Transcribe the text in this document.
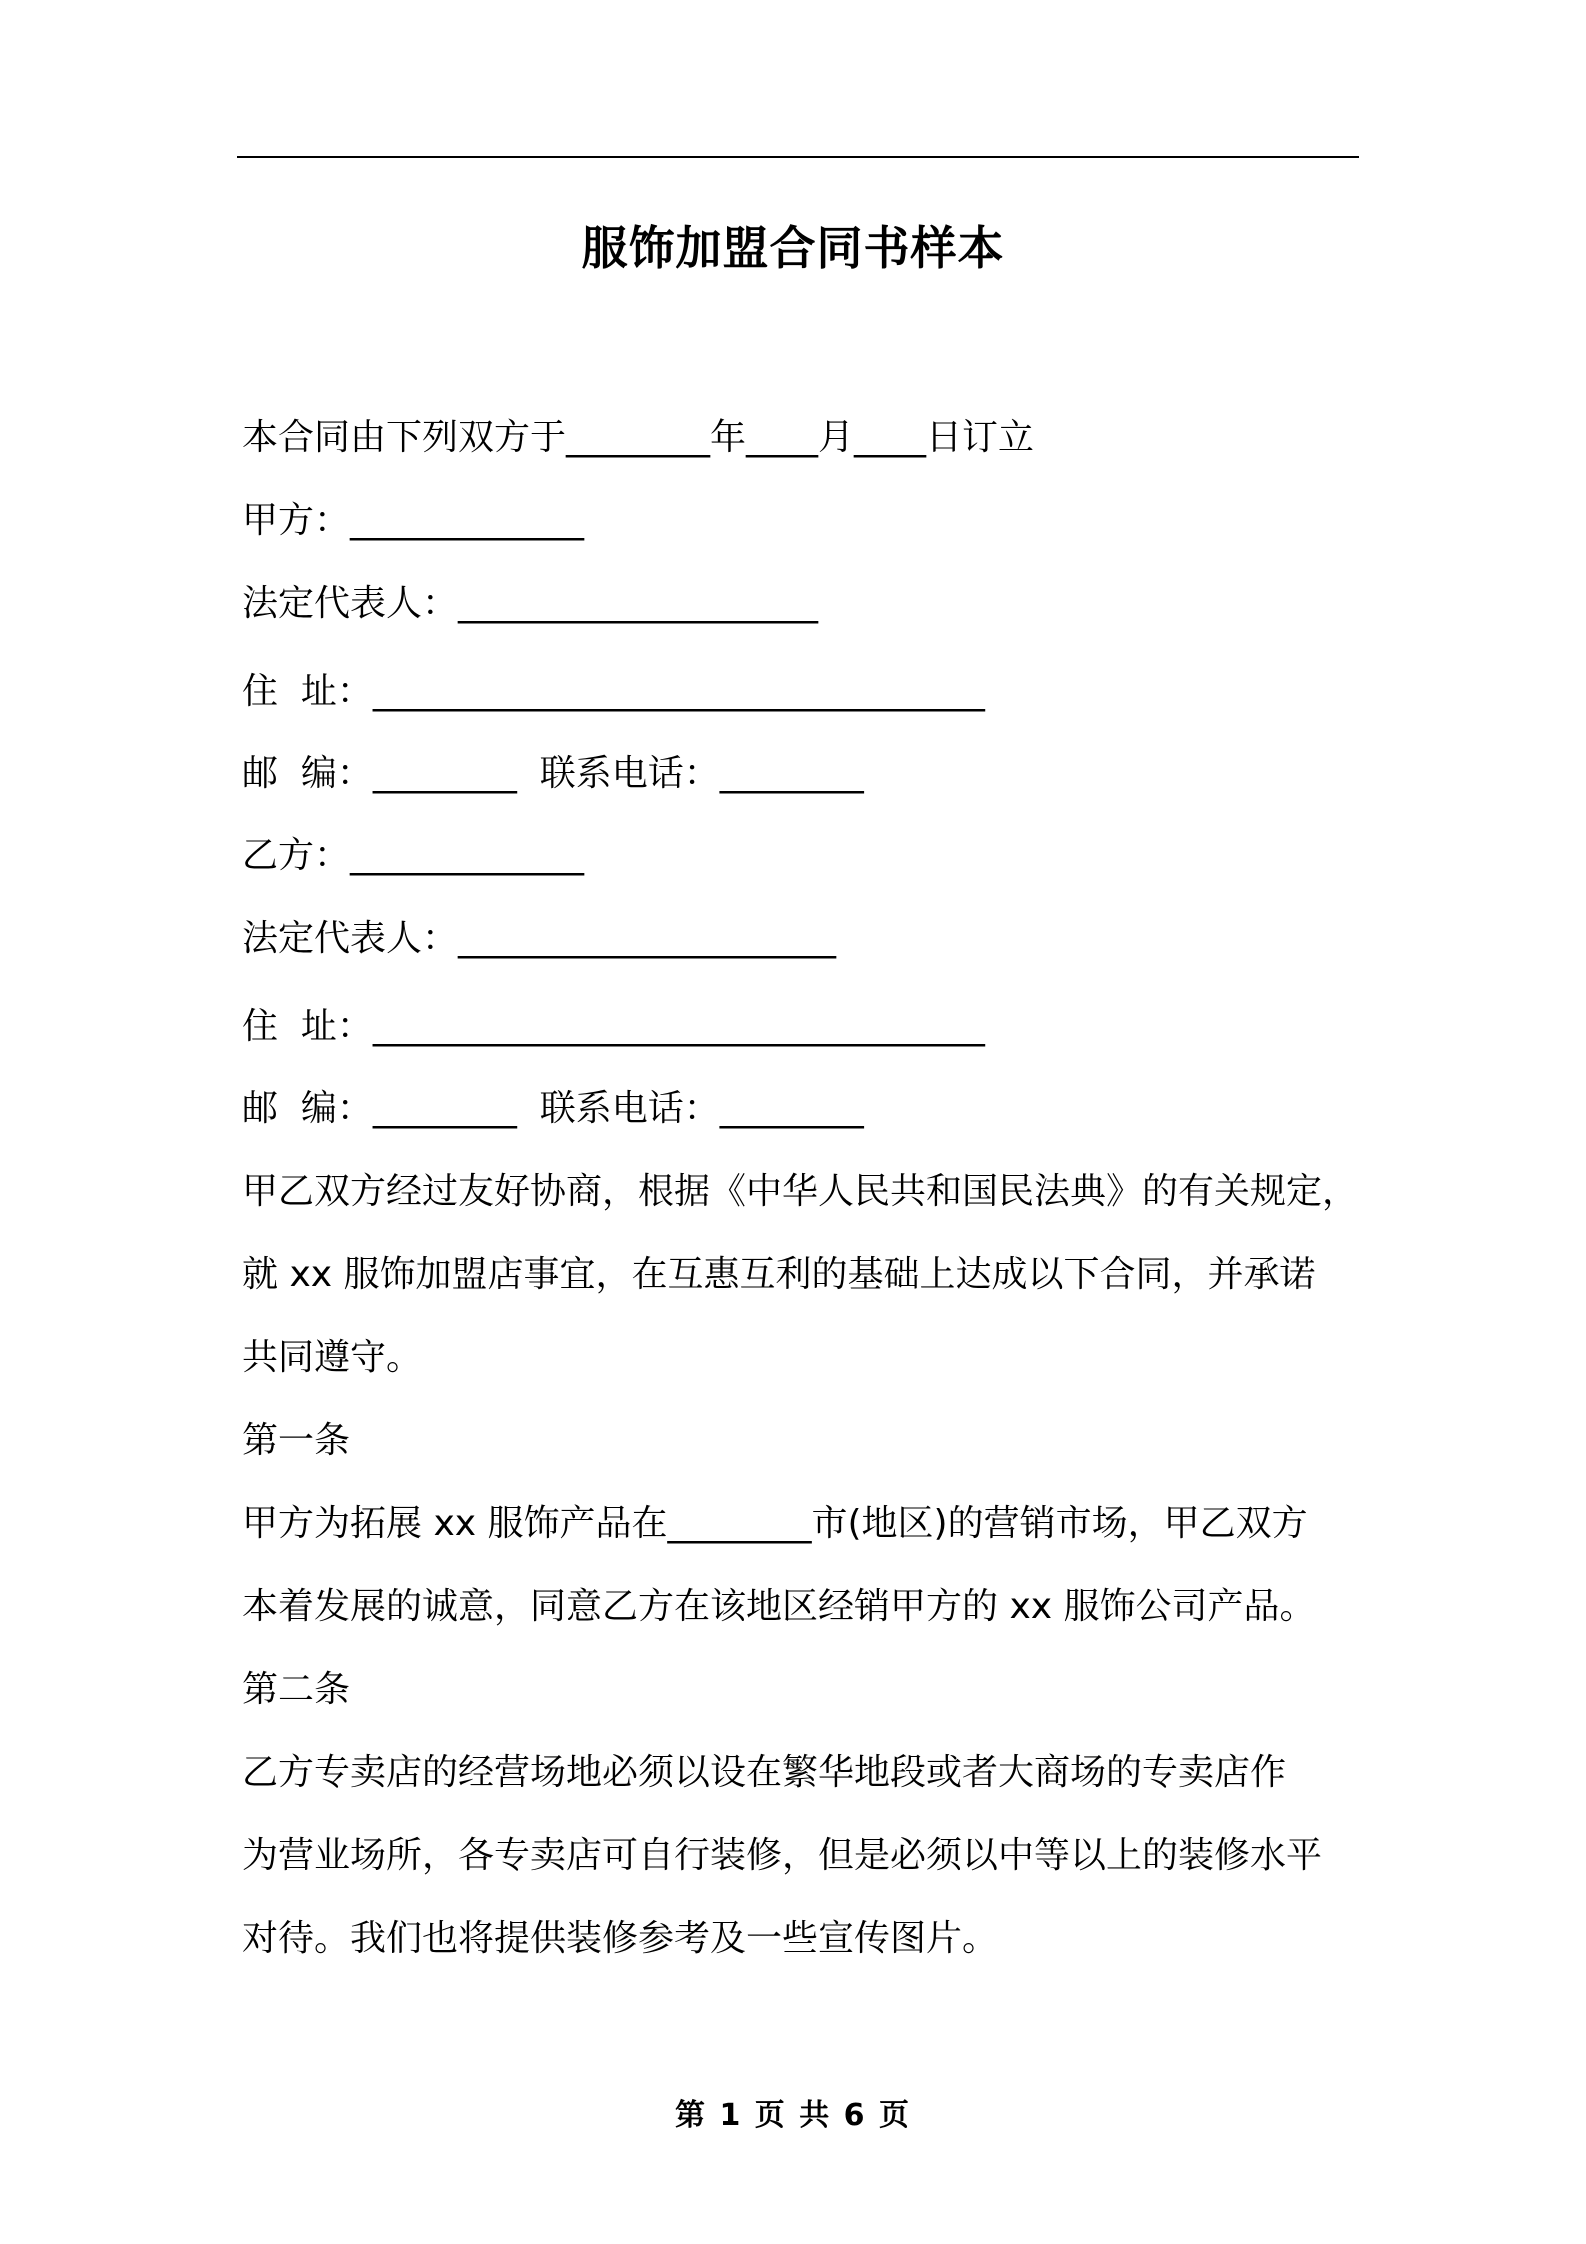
服饰加盟合同书样本
本合同由下列双方于________年____月____日订立
甲方：_____________
法定代表人：____________________
住  址：__________________________________
邮  编：________  联系电话：________
乙方：_____________
法定代表人：_____________________
住  址：__________________________________
邮  编：________  联系电话：________
甲乙双方经过友好协商，根据《中华人民共和国民法典》的有关规定，
就 xx 服饰加盟店事宜，在互惠互利的基础上达成以下合同，并承诺
共同遵守。
第一条
甲方为拓展 xx 服饰产品在________市(地区)的营销市场，甲乙双方
本着发展的诚意，同意乙方在该地区经销甲方的 xx 服饰公司产品。
第二条
乙方专卖店的经营场地必须以设在繁华地段或者大商场的专卖店作
为营业场所，各专卖店可自行装修，但是必须以中等以上的装修水平
对待。我们也将提供装修参考及一些宣传图片。
第 1 页 共 6 页
